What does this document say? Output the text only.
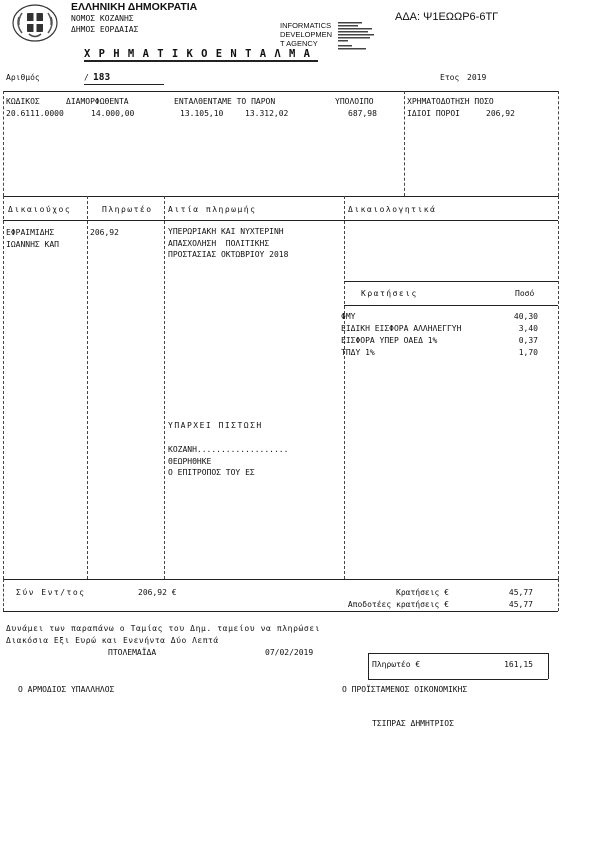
ΕΛΛΗΝΙΚΗ ΔΗΜΟΚΡΑΤΙΑ
ΝΟΜΟΣ ΚΟΖΑΝΗΣ
ΔΗΜΟΣ ΕΟΡΔΑΙΑΣ
Χ Ρ Η Μ Α Τ Ι Κ Ο Ε Ν Τ Α Λ Μ Α
INFORMATICS
DEVELOPMEN
T AGENCY
ΑΔΑ: Ψ1ΕΩΩΡ6-6ΤΓ
Αριθμός	/ 183	Ετος 2019
ΚΩΔΙΚΟΣ	ΔΙΑΜΟΡΦΩΘΕΝΤΑ	ΕΝΤΑΛΘΕΝΤΑΜΕ ΤΟ ΠΑΡΟΝ	ΥΠΟΛΟΙΠΟ	ΧΡΗΜΑΤΟΔΟΤΗΣΗ ΠΟΣΟ
20.6111.0000	14.000,00	13.105,10	13.312,02	687,98	ΙΔΙΟΙ ΠΟΡΟΙ	206,92
Δικαιούχος	Πληρωτέο Αιτία πληρωμής	Δικαιολογητικά
ΕΦΡΑΙΜΙΔΗΣ
ΙΩΑΝΝΗΣ ΚΑΠ
206,92	ΥΠΕΡΩΡΙΑΚΗ ΚΑΙ ΝΥΧΤΕΡΙΝΗ
ΑΠΑΣΧΟΛΗΣΗ  ΠΟΛΙΤΙΚΗΣ
ΠΡΟΣΤΑΣΙΑΣ ΟΚΤΩΒΡΙΟΥ 2018
Κρατήσεις	Ποσό
ΦΜΥ	40,30
ΕΙΔΙΚΗ ΕΙΣΦΟΡΑ ΑΛΛΗΛΕΓΓΥΗ	3,40
ΕΙΣΦΟΡΑ ΥΠΕΡ ΟΑΕΔ 1%	0,37
ΤΠΔΥ 1%	1,70
ΥΠΑΡΧΕΙ ΠΙΣΤΩΣΗ
ΚΟΖΑΝΗ...................
ΘΕΩΡΗΘΗΚΕ
Ο ΕΠΙΤΡΟΠΟΣ ΤΟΥ ΕΣ
Σύν Εντ/τος	206,92 €	Κρατήσεις €	45,77
Αποδοτέες κρατήσεις €	45,77
Δυνάμει των παραπάνω ο Ταμίας του Δημ. ταμείου να πληρώσει
Διακόσια Εξι Ευρώ και Ενενήντα Δύο Λεπτά
ΠΤΟΛΕΜΑΪΔΑ	07/02/2019
Πληρωτέο €	161,15
Ο ΑΡΜΟΔΙΟΣ ΥΠΑΛΛΗΛΟΣ	Ο ΠΡΟΪΣΤΑΜΕΝΟΣ ΟΙΚΟΝΟΜΙΚΗΣ
ΤΣΙΠΡΑΣ ΔΗΜΗΤΡΙΟΣ
